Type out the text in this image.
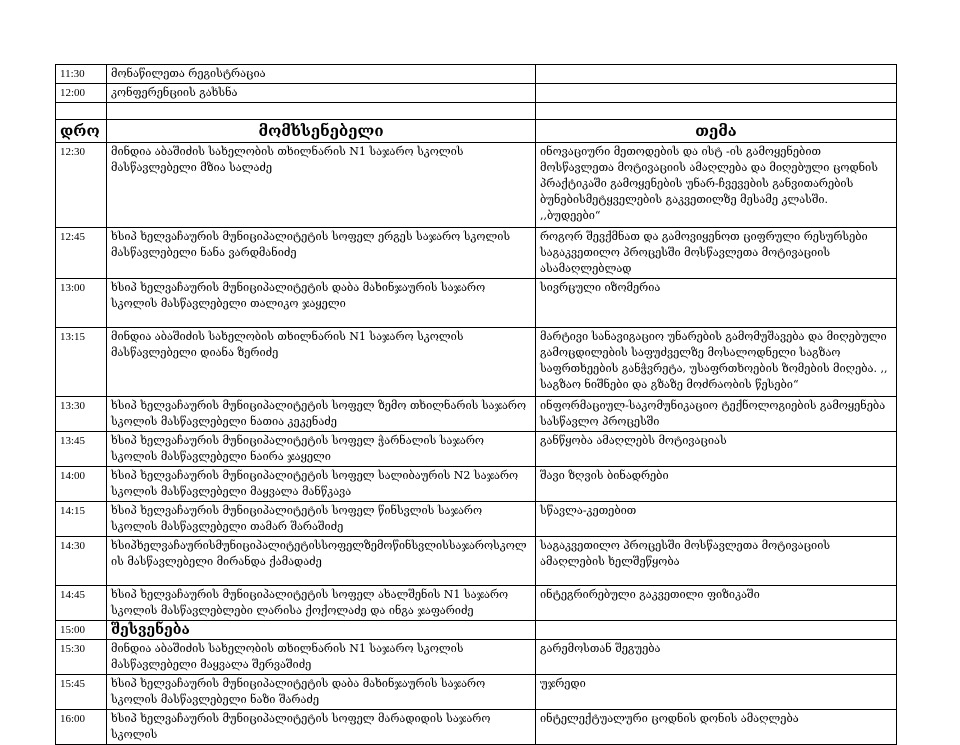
11:30	მონაწილეთა რეგისტრაცია	
12:00	კონფერენციის გახსნა	

დრო	მომხსენებელი	თემა
12:30	მინდია აბაშიძის სახელობის თხილნარის N1 საჯარო სკოლის მასწავლებელი მზია სალაძე	ინოვაციური მეთოდების და ისტ -ის გამოყენებით მოსწავლეთა მოტივაციის ამაღლება და მიღებული ცოდნის პრაქტიკაში გამოყენების უნარ-ჩვევების განვითარების ბუნებისმეტყველების გაკვეთილზე მესამე კლასში. ,,ბუდეები“
12:45	ხსიპ ხელვაჩაურის მუნიციპალიტეტის სოფელ ერგეს საჯარო სკოლის მასწავლებელი ნანა ვარდმანიძე	როგორ შევქმნათ და გამოვიყენოთ ციფრული რესურსები საგაკვეთილო პროცესში მოსწავლეთა მოტივაციის ასამაღლებლად
13:00	ხსიპ ხელვაჩაურის მუნიციპალიტეტის დაბა მახინჯაურის საჯარო სკოლის მასწავლებელი თალიკო ჯაყელი	სივრცული იზომერია
13:15	მინდია აბაშიძის სახელობის თხილნარის N1 საჯარო სკოლის მასწავლებელი დიანა ზერიძე	მარტივი სანავიგაციო უნარების გამომუშავება და მიღებული გამოცდილების საფუძველზე მოსალოდნელი საგზაო საფრთხეების განჭვრეტა, უსაფრთხოების ზომების მიღება. ,, საგზაო ნიშნები და გზაზე მოძრაობის წესები“
13:30	ხსიპ ხელვაჩაურის მუნიციპალიტეტის სოფელ ზემო თხილნარის საჯარო სკოლის მასწავლებელი ნათია კეკენაძე	ინფორმაციულ-საკომუნიკაციო ტექნოლოგიების გამოყენება სასწავლო პროცესში
13:45	ხსიპ ხელვაჩაურის მუნიციპალიტეტის სოფელ ჭარნალის საჯარო სკოლის მასწავლებელი ნაირა ჯაყელი	განწყობა ამაღლებს მოტივაციას
14:00	ხსიპ ხელვაჩაურის მუნიციპალიტეტის სოფელ სალიბაურის N2 საჯარო სკოლის მასწავლებელი მაყვალა მანწკავა	შავი ზღვის ბინადრები
14:15	ხსიპ ხელვაჩაურის მუნიციპალიტეტის სოფელ წინსვლის საჯარო სკოლის მასწავლებელი თამარ შარაშიძე	სწავლა-კეთებით
14:30	ხსიპხელვაჩაურისმუნიციპალიტეტისსოფელზემოწინსვლისსაჯაროსკოლის მასწავლებელი მირანდა ქამადაძე	საგაკვეთილო პროცესში მოსწავლეთა მოტივაციის ამაღლების ხელშეწყობა
14:45	ხსიპ ხელვაჩაურის მუნიციპალიტეტის სოფელ ახალშენის N1 საჯარო სკოლის მასწავლებლები ლარისა ქოქოლაძე და ინგა ჯაფარიძე	ინტეგრირებული გაკვეთილი ფიზიკაში
15:00	შესვენება	
15:30	მინდია აბაშიძის სახელობის თხილნარის N1 საჯარო სკოლის მასწავლებელი მაყვალა შერვაშიძე	გარემოსთან შეგუება
15:45	ხსიპ ხელვაჩაურის მუნიციპალიტეტის დაბა მახინჯაურის საჯარო სკოლის მასწავლებელი ნაზი შარაძე	უჯრედი
16:00	ხსიპ ხელვაჩაურის მუნიციპალიტეტის სოფელ მარადიდის საჯარო სკოლის	ინტელექტუალური ცოდნის დონის ამაღლება
